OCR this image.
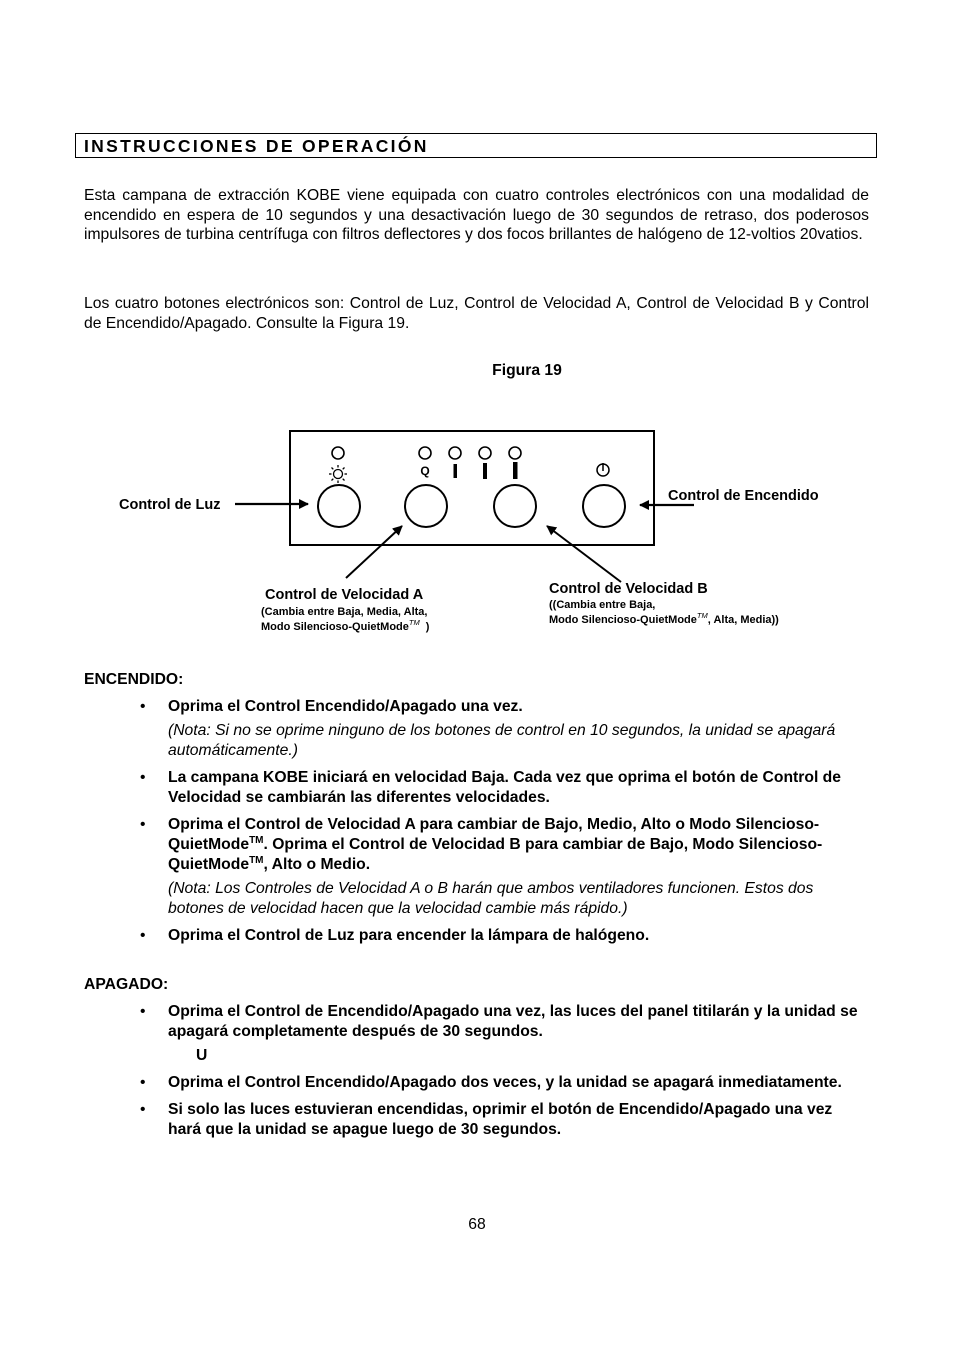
INSTRUCCIONES DE OPERACIÓN

Esta campana de extracción KOBE viene equipada con cuatro controles electrónicos con una modalidad de encendido en espera de 10 segundos y una desactivación luego de 30 segundos de retraso, dos poderosos impulsores de turbina centrífuga con filtros deflectores y dos focos brillantes de halógeno de 12-voltios 20vatios.

Los cuatro botones electrónicos son: Control de Luz, Control de Velocidad A, Control de Velocidad B y Control de Encendido/Apagado. Consulte la Figura 19.

Figura 19
Q
Control de Luz
Control de Encendido
Control de Velocidad A
(Cambia entre Baja, Media, Alta,
Modo Silencioso-QuietMode™ )
Control de Velocidad B
((Cambia entre Baja,
Modo Silencioso-QuietMode™, Alta, Media))
ENCENDIDO:
• Oprima el Control Encendido/Apagado una vez.
(Nota: Si no se oprime ninguno de los botones de control en 10 segundos, la unidad se apagará automáticamente.)
• La campana KOBE iniciará en velocidad Baja. Cada vez que oprima el botón de Control de Velocidad se cambiarán las diferentes velocidades.
• Oprima el Control de Velocidad A para cambiar de Bajo, Medio, Alto o Modo Silencioso-QuietMode™. Oprima el Control de Velocidad B para cambiar de Bajo, Modo Silencioso-QuietMode™, Alto o Medio.
(Nota: Los Controles de Velocidad A o B harán que ambos ventiladores funcionen. Estos dos botones de velocidad hacen que la velocidad cambie más rápido.)
• Oprima el Control de Luz para encender la lámpara de halógeno.
APAGADO:
• Oprima el Control de Encendido/Apagado una vez, las luces del panel titilarán y la unidad se apagará completamente después de 30 segundos.
U
• Oprima el Control Encendido/Apagado dos veces, y la unidad se apagará inmediatamente.
• Si solo las luces estuvieran encendidas, oprimir el botón de Encendido/Apagado una vez hará que la unidad se apague luego de 30 segundos.
68
